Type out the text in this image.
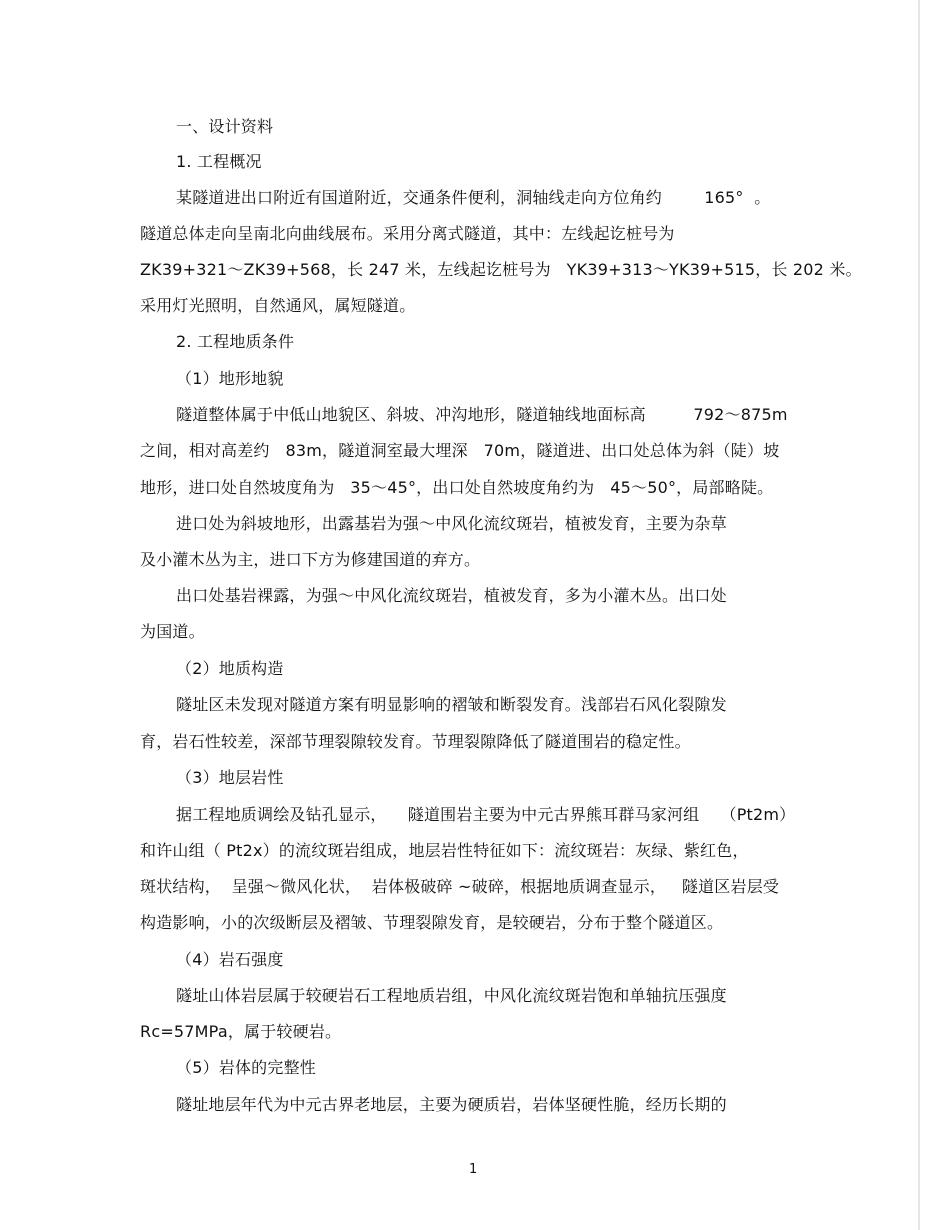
一、设计资料
1. 工程概况
某隧道进出口附近有国道附近，交通条件便利，洞轴线走向方位角约        165°  。
隧道总体走向呈南北向曲线展布。采用分离式隧道，其中：左线起讫桩号为
ZK39+321～ZK39+568，长 247 米，左线起讫桩号为   YK39+313～YK39+515，长 202 米。
采用灯光照明，自然通风，属短隧道。
2. 工程地质条件
（1）地形地貌
隧道整体属于中低山地貌区、斜坡、冲沟地形，隧道轴线地面标高         792～875m
之间，相对高差约   83m，隧道洞室最大埋深   70m，隧道进、出口处总体为斜（陡）坡
地形，进口处自然坡度角为   35～45°，出口处自然坡度角约为   45～50°，局部略陡。
进口处为斜坡地形，出露基岩为强～中风化流纹斑岩，植被发育，主要为杂草
及小灌木丛为主，进口下方为修建国道的弃方。
出口处基岩裸露，为强～中风化流纹斑岩，植被发育，多为小灌木丛。出口处
为国道。
（2）地质构造
隧址区未发现对隧道方案有明显影响的褶皱和断裂发育。浅部岩石风化裂隙发
育，岩石性较差，深部节理裂隙较发育。节理裂隙降低了隧道围岩的稳定性。
（3）地层岩性
据工程地质调绘及钻孔显示，    隧道围岩主要为中元古界熊耳群马家河组    （Pt2m）
和许山组（ Pt2x）的流纹斑岩组成，地层岩性特征如下：流纹斑岩：灰绿、紫红色，
斑状结构，  呈强～微风化状，  岩体极破碎 ~破碎，根据地质调查显示，   隧道区岩层受
构造影响，小的次级断层及褶皱、节理裂隙发育，是较硬岩，分布于整个隧道区。
（4）岩石强度
隧址山体岩层属于较硬岩石工程地质岩组，中风化流纹斑岩饱和单轴抗压强度
Rc=57MPa，属于较硬岩。
（5）岩体的完整性
隧址地层年代为中元古界老地层，主要为硬质岩，岩体坚硬性脆，经历长期的
1
